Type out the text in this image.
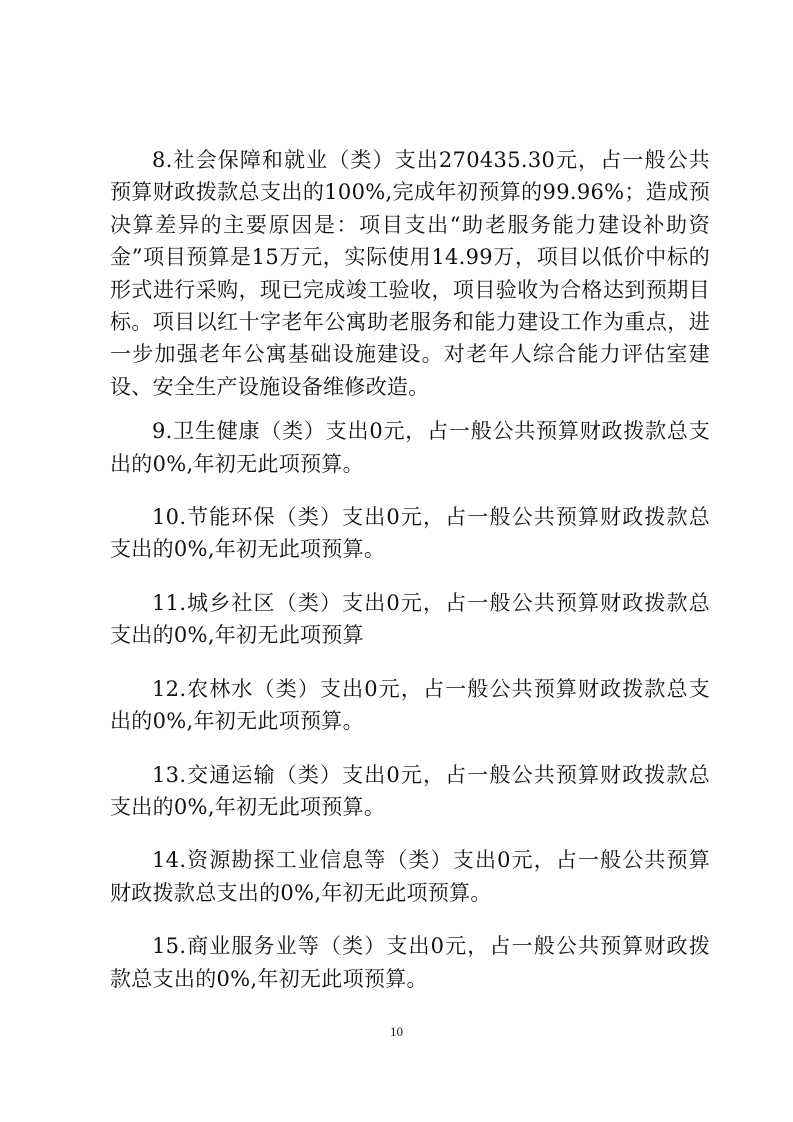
8.社会保障和就业（类）支出270435.30元，占一般公共预算财政拨款总支出的100%,完成年初预算的99.96%；造成预决算差异的主要原因是：项目支出“助老服务能力建设补助资金”项目预算是15万元，实际使用14.99万，项目以低价中标的形式进行采购，现已完成竣工验收，项目验收为合格达到预期目标。项目以红十字老年公寓助老服务和能力建设工作为重点，进一步加强老年公寓基础设施建设。对老年人综合能力评估室建设、安全生产设施设备维修改造。

9.卫生健康（类）支出0元，占一般公共预算财政拨款总支出的0%,年初无此项预算。

10.节能环保（类）支出0元，占一般公共预算财政拨款总支出的0%,年初无此项预算。

11.城乡社区（类）支出0元，占一般公共预算财政拨款总支出的0%,年初无此项预算

12.农林水（类）支出0元，占一般公共预算财政拨款总支出的0%,年初无此项预算。

13.交通运输（类）支出0元，占一般公共预算财政拨款总支出的0%,年初无此项预算。

14.资源勘探工业信息等（类）支出0元，占一般公共预算财政拨款总支出的0%,年初无此项预算。

15.商业服务业等（类）支出0元，占一般公共预算财政拨款总支出的0%,年初无此项预算。

10
